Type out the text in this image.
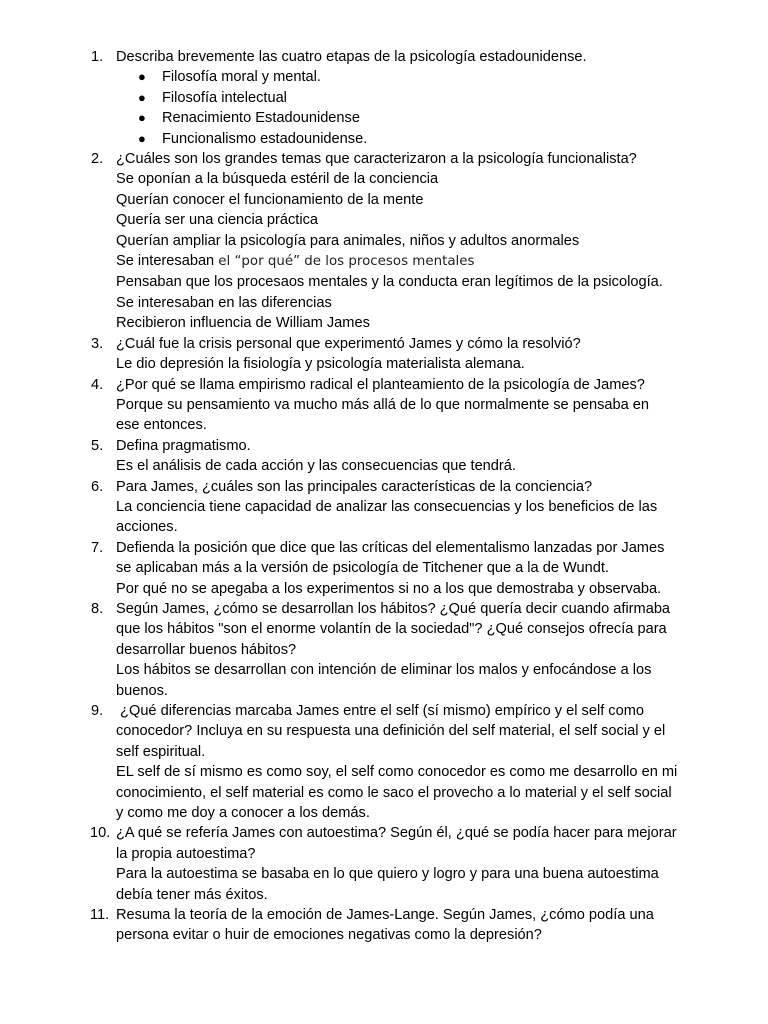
1. Describa brevemente las cuatro etapas de la psicología estadounidense.
● Filosofía moral y mental.
● Filosofía intelectual
● Renacimiento Estadounidense
● Funcionalismo estadounidense.
2. ¿Cuáles son los grandes temas que caracterizaron a la psicología funcionalista?
Se oponían a la búsqueda estéril de la conciencia
Querían conocer el funcionamiento de la mente
Quería ser una ciencia práctica
Querían ampliar la psicología para animales, niños y adultos anormales
Se interesaban el “por qué” de los procesos mentales
Pensaban que los procesaos mentales y la conducta eran legítimos de la psicología.
Se interesaban en las diferencias
Recibieron influencia de William James
3. ¿Cuál fue la crisis personal que experimentó James y cómo la resolvió?
Le dio depresión la fisiología y psicología materialista alemana.
4. ¿Por qué se llama empirismo radical el planteamiento de la psicología de James?
Porque su pensamiento va mucho más allá de lo que normalmente se pensaba en
ese entonces.
5. Defina pragmatismo.
Es el análisis de cada acción y las consecuencias que tendrá.
6. Para James, ¿cuáles son las principales características de la conciencia?
La conciencia tiene capacidad de analizar las consecuencias y los beneficios de las
acciones.
7. Defienda la posición que dice que las críticas del elementalismo lanzadas por James
se aplicaban más a la versión de psicología de Titchener que a la de Wundt.
Por qué no se apegaba a los experimentos si no a los que demostraba y observaba.
8. Según James, ¿cómo se desarrollan los hábitos? ¿Qué quería decir cuando afirmaba
que los hábitos "son el enorme volantín de la sociedad"? ¿Qué consejos ofrecía para
desarrollar buenos hábitos?
Los hábitos se desarrollan con intención de eliminar los malos y enfocándose a los
buenos.
9. ¿Qué diferencias marcaba James entre el self (sí mismo) empírico y el self como
conocedor? Incluya en su respuesta una definición del self material, el self social y el
self espiritual.
EL self de sí mismo es como soy, el self como conocedor es como me desarrollo en mi
conocimiento, el self material es como le saco el provecho a lo material y el self social
y como me doy a conocer a los demás.
10. ¿A qué se refería James con autoestima? Según él, ¿qué se podía hacer para mejorar
la propia autoestima?
Para la autoestima se basaba en lo que quiero y logro y para una buena autoestima
debía tener más éxitos.
11. Resuma la teoría de la emoción de James-Lange. Según James, ¿cómo podía una
persona evitar o huir de emociones negativas como la depresión?
